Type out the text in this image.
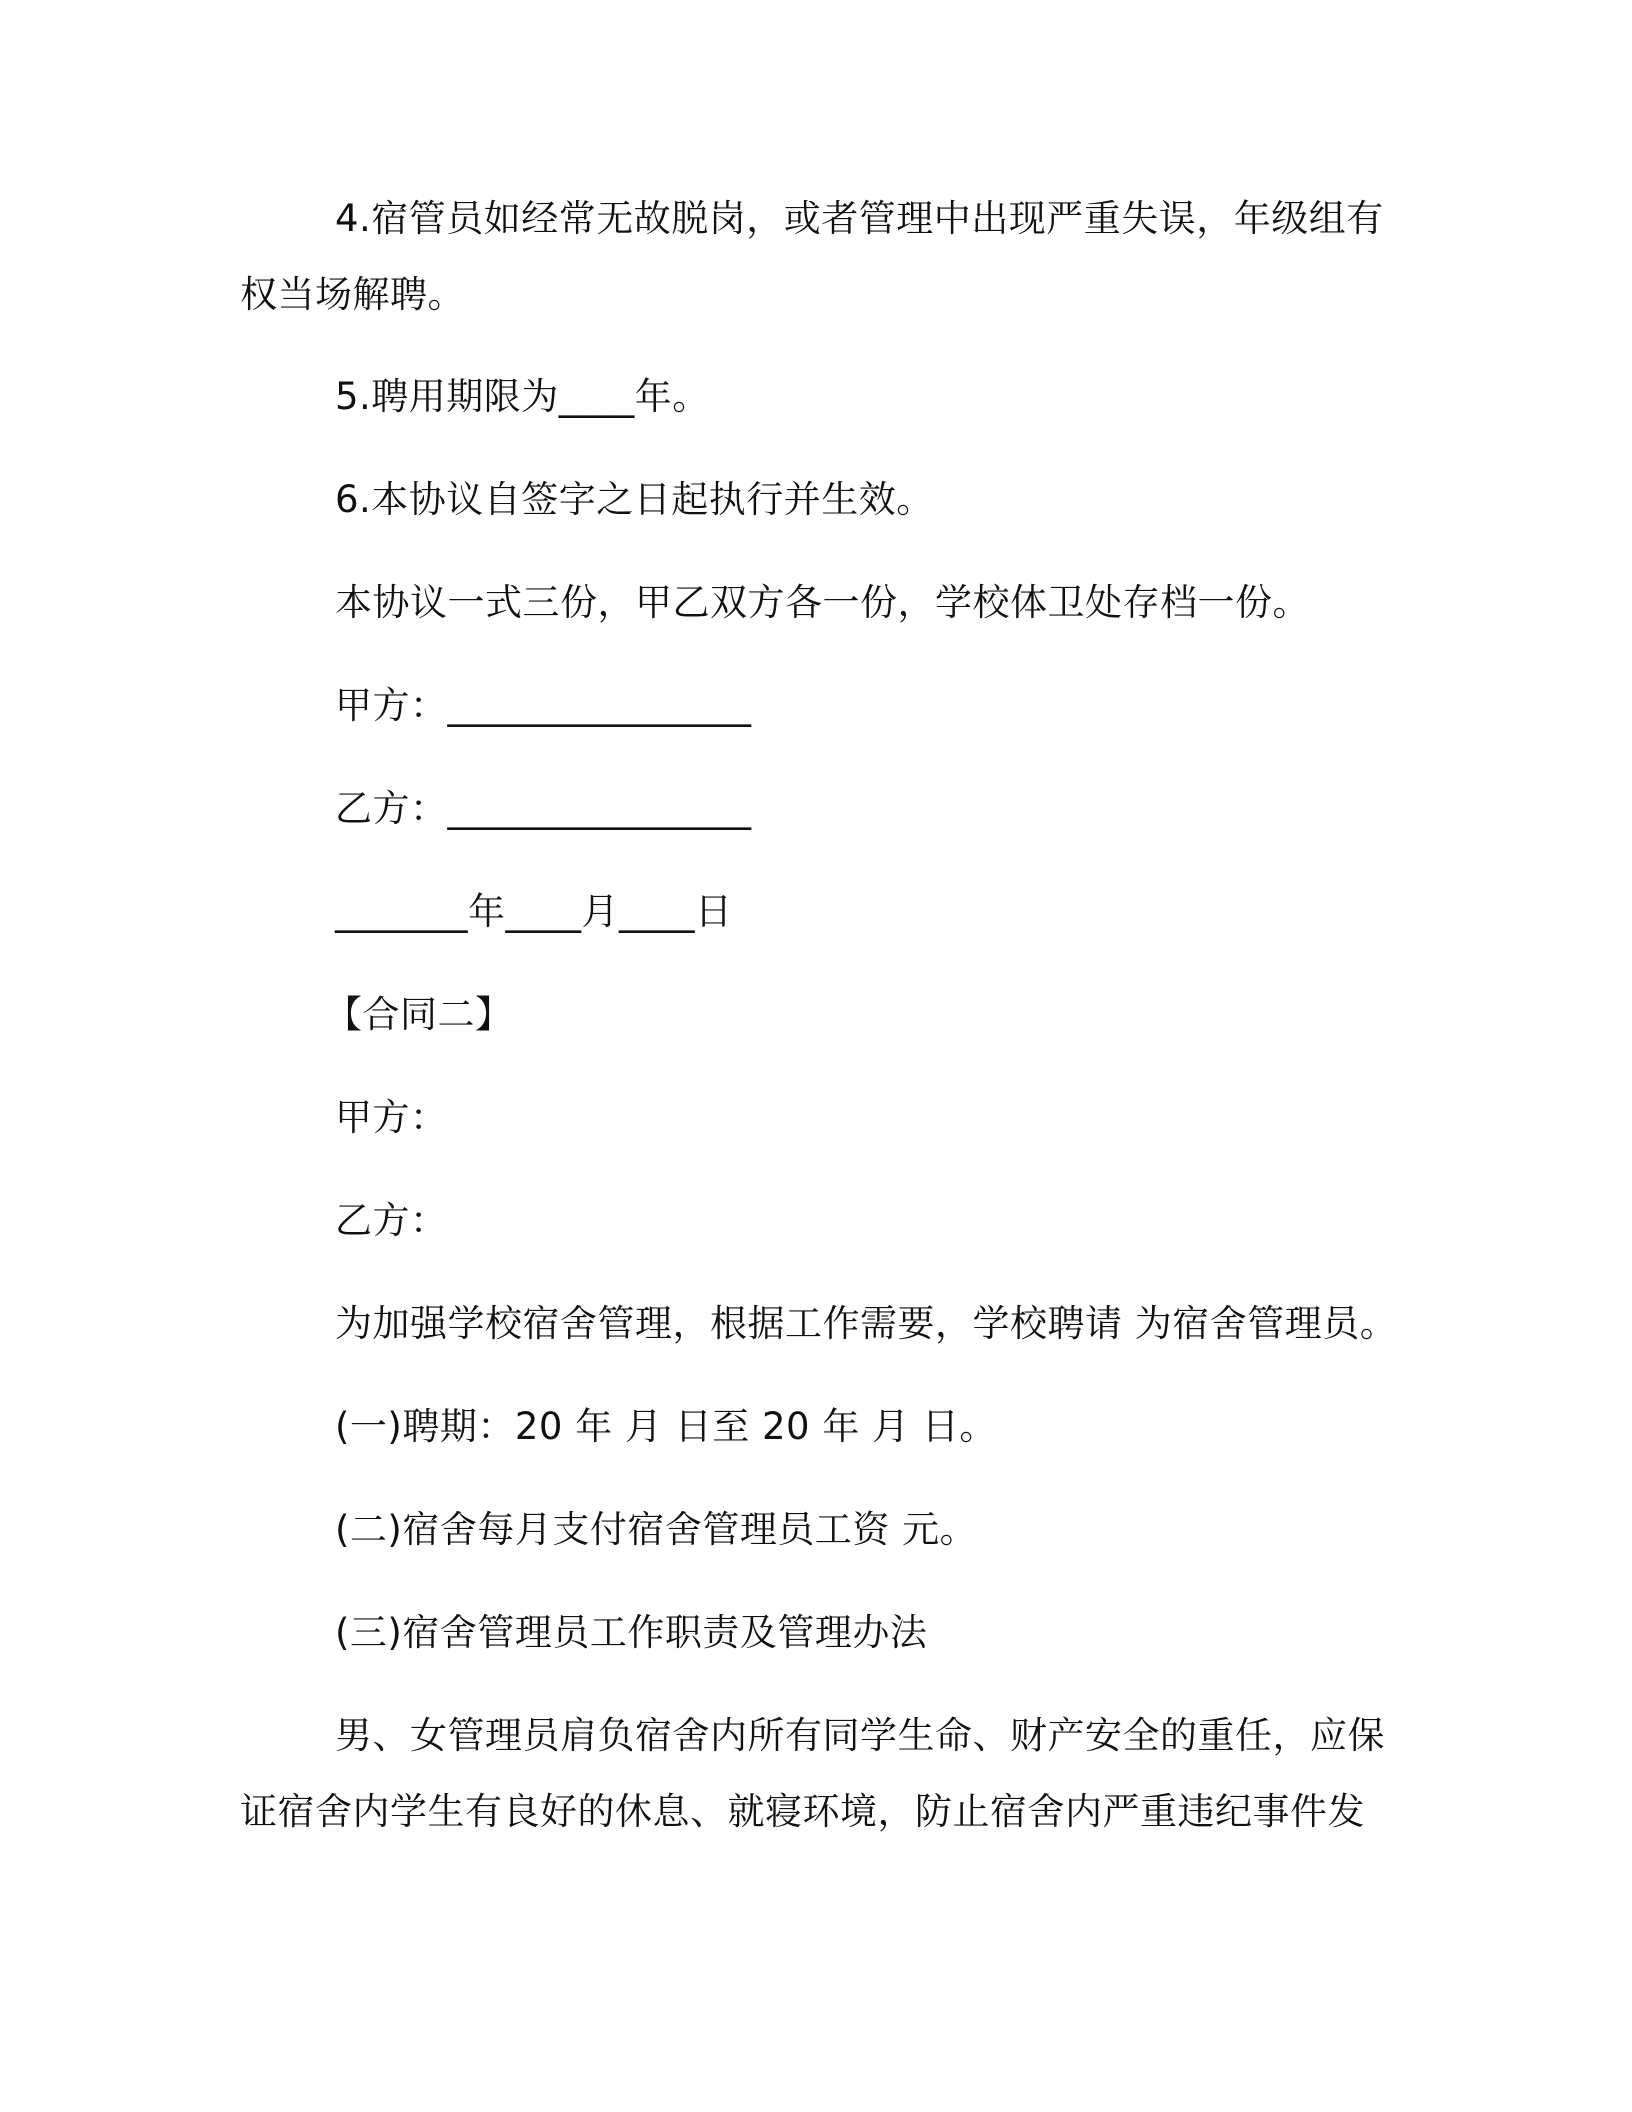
4.宿管员如经常无故脱岗，或者管理中出现严重失误，年级组有
权当场解聘。
5.聘用期限为____年。
6.本协议自签字之日起执行并生效。
本协议一式三份，甲乙双方各一份，学校体卫处存档一份。
甲方：________________
乙方：________________
_______年____月____日
【合同二】
甲方：
乙方：
为加强学校宿舍管理，根据工作需要，学校聘请 为宿舍管理员。
(一)聘期：20 年 月 日至 20 年 月 日。
(二)宿舍每月支付宿舍管理员工资 元。
(三)宿舍管理员工作职责及管理办法
男、女管理员肩负宿舍内所有同学生命、财产安全的重任，应保
证宿舍内学生有良好的休息、就寝环境，防止宿舍内严重违纪事件发
